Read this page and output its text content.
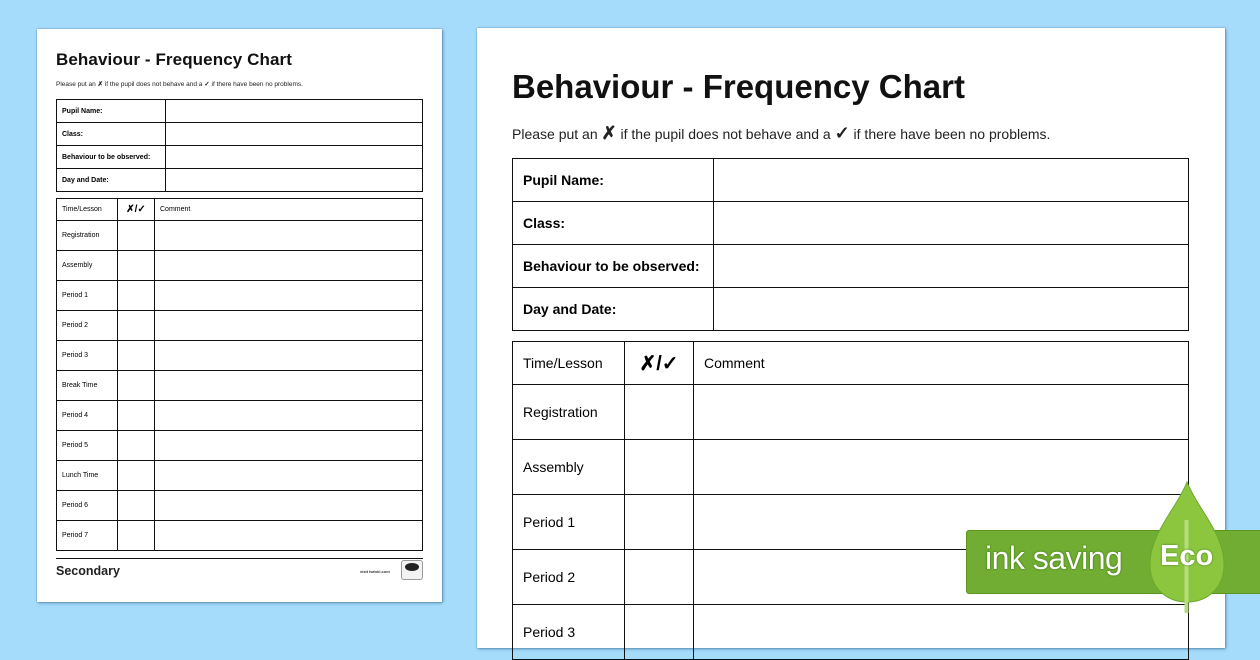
Behaviour - Frequency Chart
Please put an ✗ if the pupil does not behave and a ✓ if there have been no problems.
Pupil Name:	
Class:	
Behaviour to be observed:	
Day and Date:	
Time/Lesson	✗/✓	Comment
Registration		
Assembly		
Period 1		
Period 2		
Period 3		
Break Time		
Period 4		
Period 5		
Lunch Time		
Period 6		
Period 7		
Secondary	visit twinkl.com
Behaviour - Frequency Chart
Please put an ✗ if the pupil does not behave and a ✓ if there have been no problems.
Pupil Name:	
Class:	
Behaviour to be observed:	
Day and Date:	
Time/Lesson	✗/✓	Comment
Registration		
Assembly		
Period 1		
Period 2		
Period 3		
ink saving Eco
